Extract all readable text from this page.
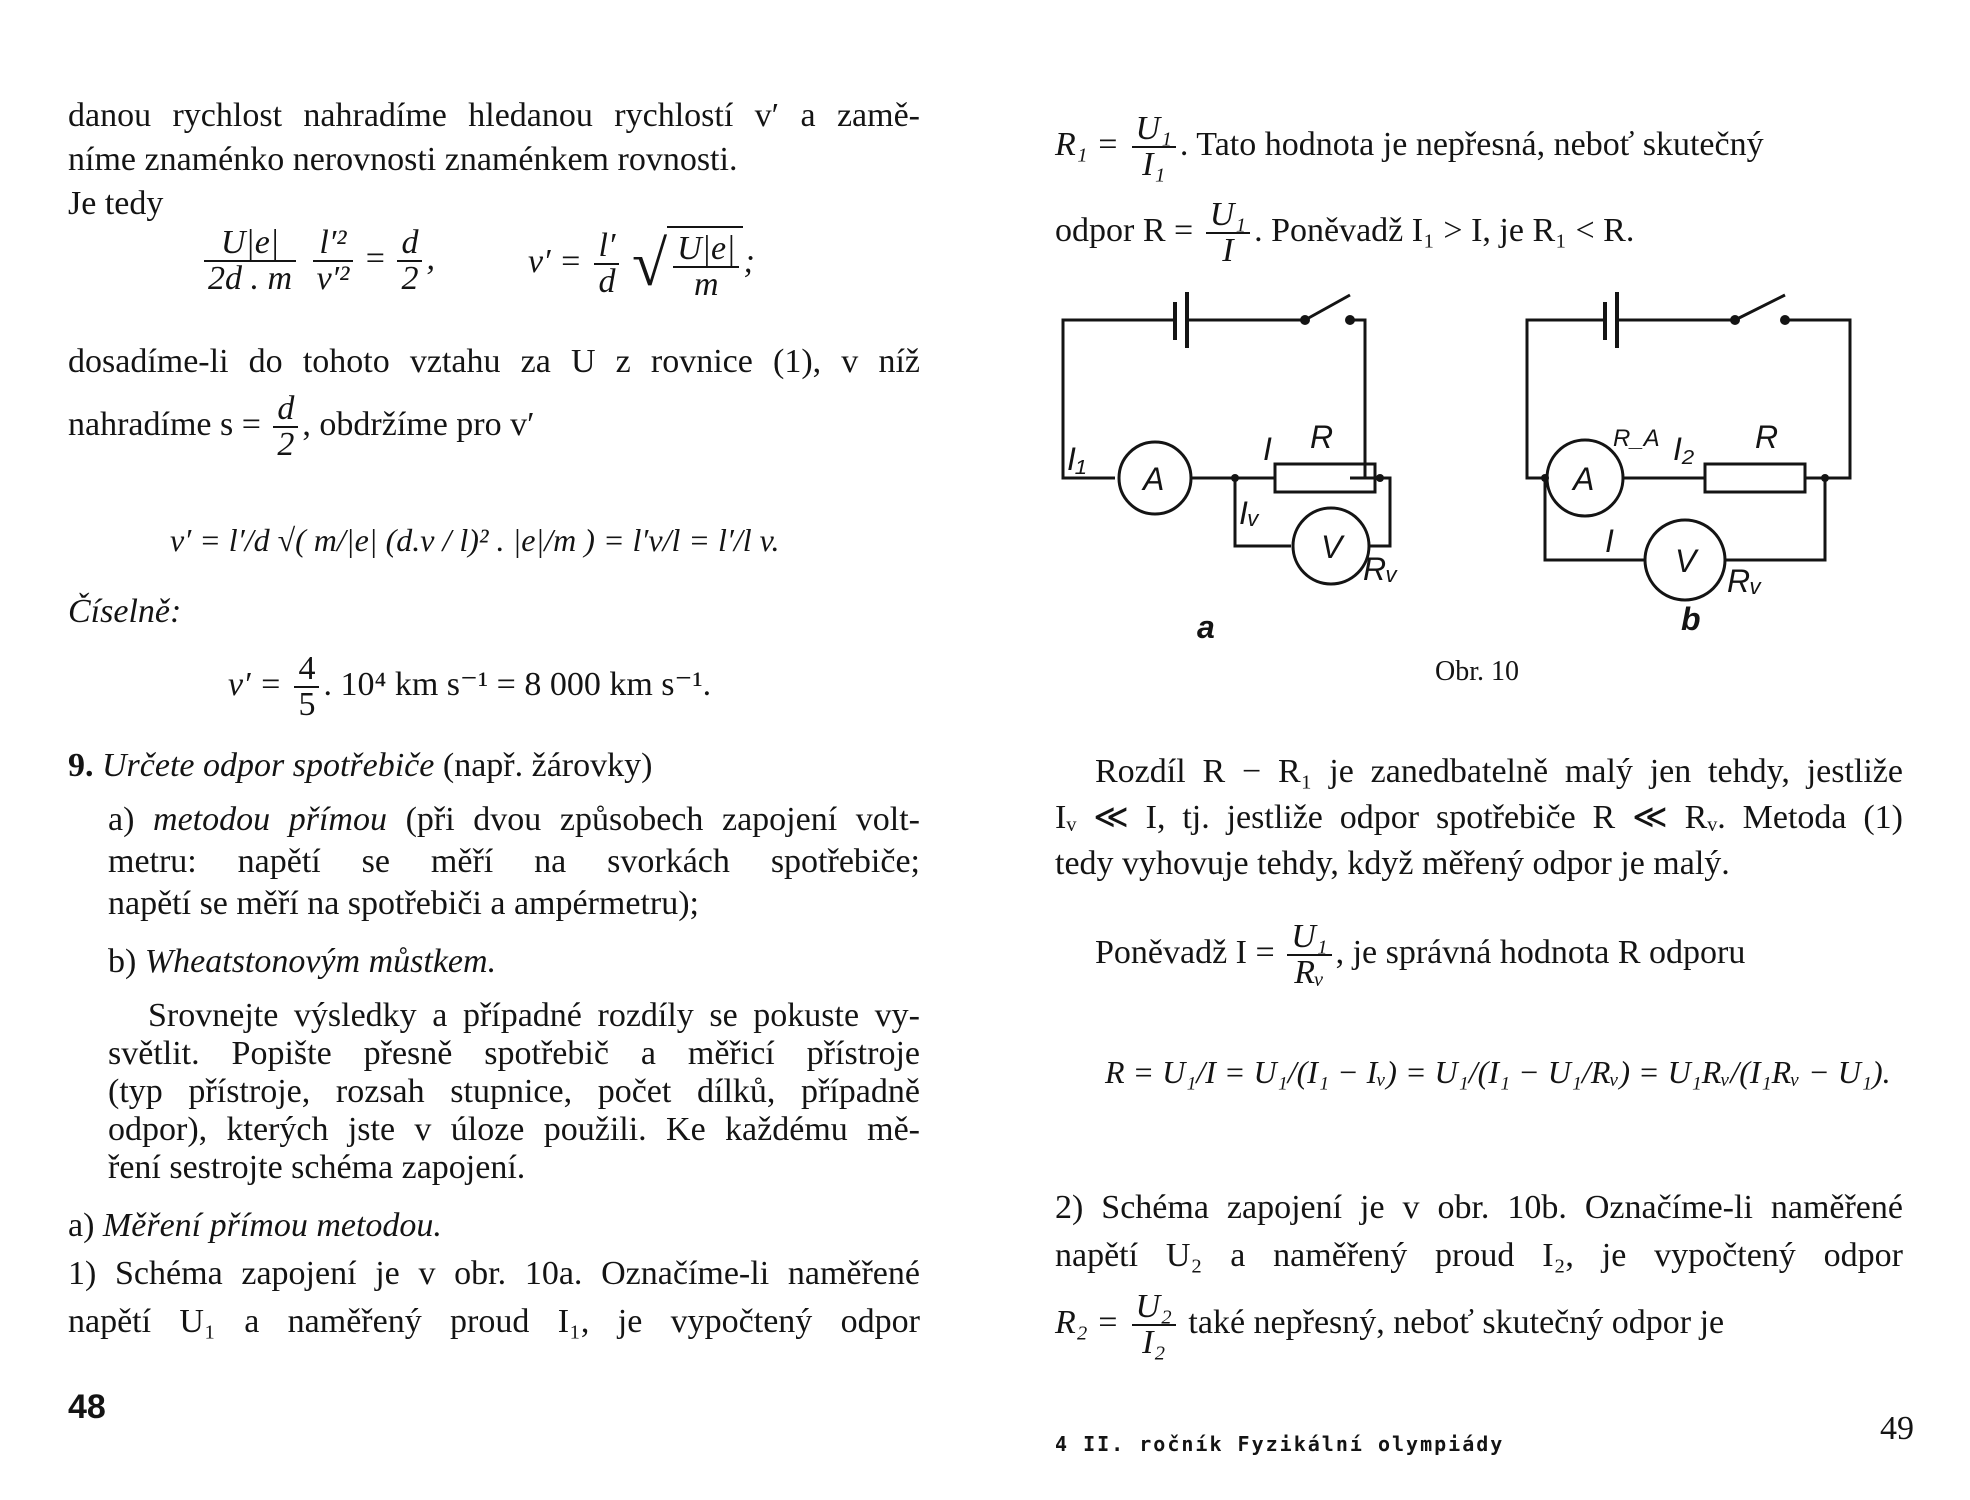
danou rychlost nahradíme hledanou rychlostí v′ a zamě-
níme znaménko nerovnosti znaménkem rovnosti.
Je tedy
$\frac{U|e|}{2d . m}$
$\frac{\text{l′²}}{\text{v′²}} = \frac{d}{2}$ ,	$v' = \frac{l'}{d}$ √ $\frac{U|e|}{m}$ ;
dosadíme-li do tohoto vztahu za U z rovnice (1), v níž
nahradíme $s = \frac{d}{2}$ , obdržíme pro v′
v′ = l′/d √( m/|e| (d.v / l)² . |e|/m ) = l′v/l = l′/l v.
Číselně:
$v' = \frac{4}{5}$ . 10⁴ km s⁻¹ = 8 000 km s⁻¹.
9. Určete odpor spotřebiče (např. žárovky)
a) metodou přímou (při dvou způsobech zapojení volt-
metru: napětí se měří na svorkách spotřebiče;
napětí se měří na spotřebiči a ampérmetru);
b) Wheatstonovým můstkem.
Srovnejte výsledky a případné rozdíly se pokuste vy-
světlit. Popište přesně spotřebič a měřicí přístroje
(typ přístroje, rozsah stupnice, počet dílků, případně
odpor), kterých jste v úloze použili. Ke každému mě-
ření sestrojte schéma zapojení.
a) Měření přímou metodou.
1) Schéma zapojení je v obr. 10a. Označíme-li naměřené
napětí U₁ a naměřený proud I₁, je vypočtený odpor
48
$R_1 = \frac{\text{U₁}}{\text{I₁}}$ . Tato hodnota je nepřesná, neboť skutečný
odpor $R = \frac{\text{U₁}}{I}$ . Poněvadž I₁ > I, je R₁ < R.
I₁
A
I R
Iᵥ
V
Rᵥ
A
R_A I₂ R
I
V
Rᵥ
a	b
Obr. 10
Rozdíl R − R₁ je zanedbatelně malý jen tehdy, jestliže
Iᵥ ≪ I, tj. jestliže odpor spotřebiče R ≪ Rᵥ. Metoda (1)
tedy vyhovuje tehdy, když měřený odpor je malý.
Poněvadž $I = \frac{\text{U₁}}{\text{Rᵥ}}$ , je správná hodnota R odporu
R = U₁/I = U₁/(I₁ − Iᵥ) = U₁/(I₁ − U₁/Rᵥ) = U₁Rᵥ/(I₁Rᵥ − U₁).
2) Schéma zapojení je v obr. 10b. Označíme-li naměřené
napětí U₂ a naměřený proud I₂, je vypočtený odpor
$R_2 = \frac{\text{U₂}}{\text{I₂}}$ také nepřesný, neboť skutečný odpor je
4 II. ročník Fyzikální olympiády	49
